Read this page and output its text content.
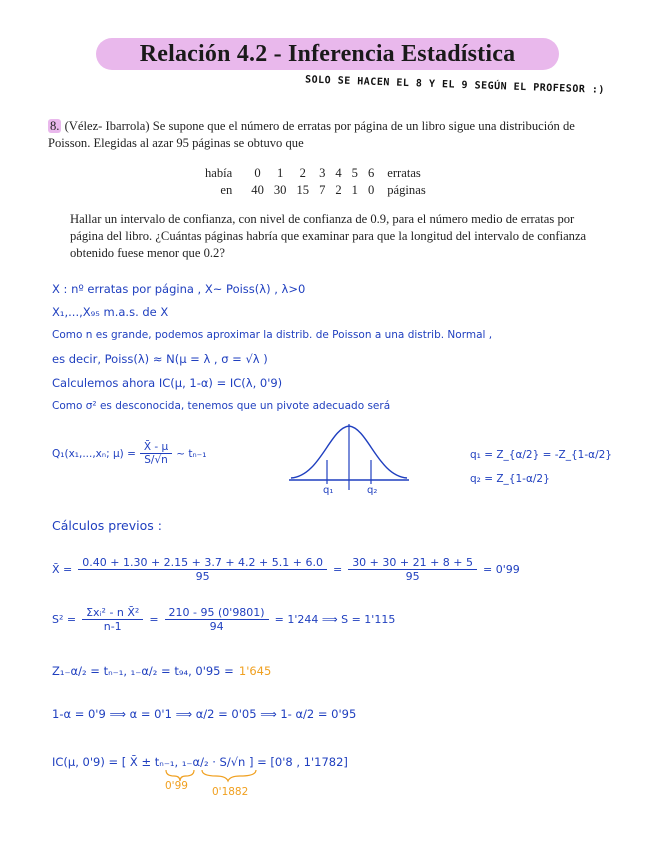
Relación 4.2 - Inferencia Estadística
SOLO SE HACEN EL 8 Y EL 9 SEGÚN EL PROFESOR :)
8. (Vélez- Ibarrola) Se supone que el número de erratas por página de un libro sigue una distribución de Poisson. Elegidas al azar 95 páginas se obtuvo que
había	0	1	2	3	4	5	6	erratas
en	40	30	15	7	2	1	0	páginas
Hallar un intervalo de confianza, con nivel de confianza de 0.9, para el número medio de erratas por página del libro. ¿Cuántas páginas habría que examinar para que la longitud del intervalo de confianza obtenido fuese menor que 0.2?
X : nº erratas por página , X~ Poiss(λ) , λ>0
X₁,...,X₉₅ m.a.s. de X
Como n es grande, podemos aproximar la distrib. de Poisson a una distrib. Normal ,
es decir, Poiss(λ) ≈ N(μ = λ , σ = √λ )
Calculemos ahora IC(μ, 1-α) = IC(λ, 0'9)
Como σ² es desconocida, tenemos que un pivote adecuado será
Q₁(x₁,...,xₙ; $\mu) = \frac{X̄ - \mu}{S/√n}$ ~ tₙ₋₁
q₁	q₂
q₁ = Z_{α/2} = -Z_{1-α/2}
q₂ = Z_{1-α/2}
Cálculos previos :
X̄ = $\frac{0.40 + 1.30 + 2.15 + 3.7 + 4.2 + 5.1 + 6.0}{95} = \frac{30 + 30 + 21 + 8 + 5}{95} = 0'99$
$S^2 = \frac{\text{Σxᵢ² - n X̄²}}{n-1} = \frac{210 - 95 (0'9801)}{94} = 1'244$ ⟹ S = 1'115
Z₁₋α/₂ = tₙ₋₁, ₁₋α/₂ = t₉₄, 0'95 = 1'645
1-α = 0'9 ⟹ α = 0'1 ⟹ α/2 = 0'05 ⟹ 1- α/2 = 0'95
IC(μ, 0'9) = [ X̄ ± tₙ₋₁, ₁₋α/₂ · S/√n ] = [0'8 , 1'1782]
0'99 0'1882
